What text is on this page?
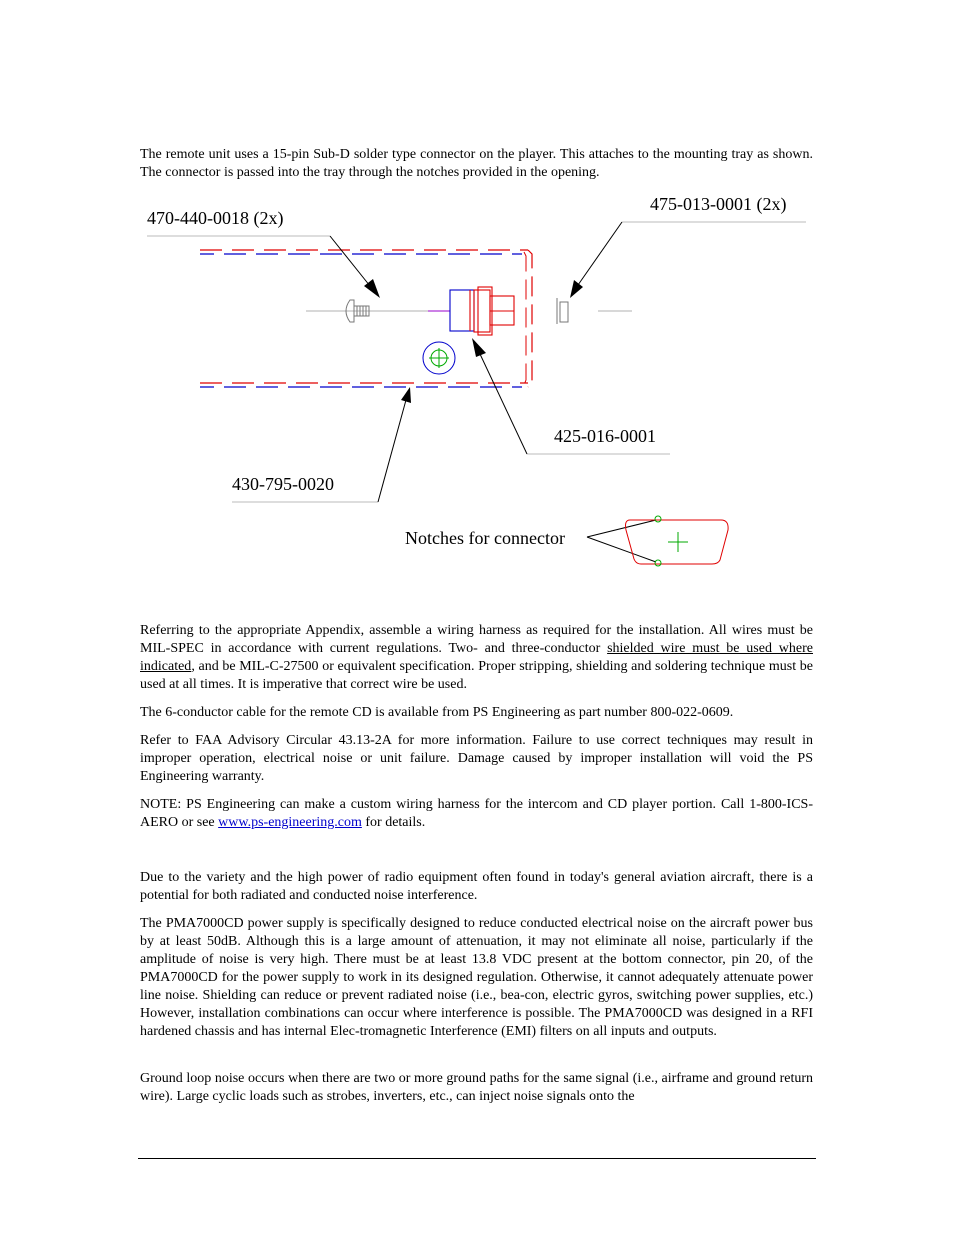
The remote unit uses a 15-pin Sub-D solder type connector on the player. This attaches to the mounting tray as shown. The connector is passed into the tray through the notches provided in the opening.

470-440-0018 (2x)
475-013-0001 (2x)
425-016-0001
430-795-0020
Notches for connector

Referring to the appropriate Appendix, assemble a wiring harness as required for the installation. All wires must be MIL-SPEC in accordance with current regulations. Two- and three-conductor shielded wire must be used where indicated, and be MIL-C-27500 or equivalent specification. Proper stripping, shielding and soldering technique must be used at all times. It is imperative that correct wire be used.

The 6-conductor cable for the remote CD is available from PS Engineering as part number 800-022-0609.

Refer to FAA Advisory Circular 43.13-2A for more information. Failure to use correct techniques may result in improper operation, electrical noise or unit failure. Damage caused by improper installation will void the PS Engineering warranty.

NOTE: PS Engineering can make a custom wiring harness for the intercom and CD player portion. Call 1-800-ICS-AERO or see www.ps-engineering.com for details.

Due to the variety and the high power of radio equipment often found in today's general aviation aircraft, there is a potential for both radiated and conducted noise interference.

The PMA7000CD power supply is specifically designed to reduce conducted electrical noise on the aircraft power bus by at least 50dB. Although this is a large amount of attenuation, it may not eliminate all noise, particularly if the amplitude of noise is very high. There must be at least 13.8 VDC present at the bottom connector, pin 20, of the PMA7000CD for the power supply to work in its designed regulation. Otherwise, it cannot adequately attenuate power line noise. Shielding can reduce or prevent radiated noise (i.e., bea-con, electric gyros, switching power supplies, etc.) However, installation combinations can occur where interference is possible. The PMA7000CD was designed in a RFI hardened chassis and has internal Elec-tromagnetic Interference (EMI) filters on all inputs and outputs.

Ground loop noise occurs when there are two or more ground paths for the same signal (i.e., airframe and ground return wire). Large cyclic loads such as strobes, inverters, etc., can inject noise signals onto the
